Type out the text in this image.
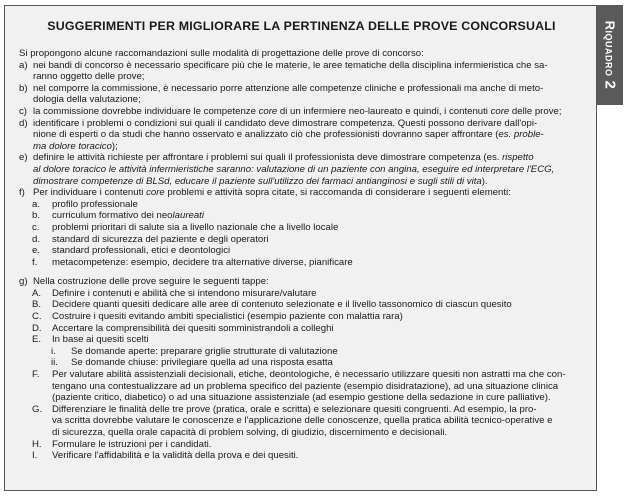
SUGGERIMENTI PER MIGLIORARE LA PERTINENZA DELLE PROVE CONCORSUALI
Si propongono alcune raccomandazioni sulle modalità di progettazione delle prove di concorso:
a) nei bandi di concorso è necessario specificare più che le materie, le aree tematiche della disciplina infermieristica che sa-
ranno oggetto delle prove;
b) nel comporre la commissione, è necessario porre attenzione alle competenze cliniche e professionali ma anche di meto-
dologia della valutazione;
c) la commissione dovrebbe individuare le competenze core di un infermiere neo-laureato e quindi, i contenuti core delle prove;
d) identificare i problemi o condizioni sui quali il candidato deve dimostrare competenza. Questi possono derivare dall'opi-
nione di esperti o da studi che hanno osservato e analizzato ciò che professionisti dovranno saper affrontare (es. proble-
ma dolore toracico);
e) definire le attività richieste per affrontare i problemi sui quali il professionista deve dimostrare competenza (es. rispetto
al dolore toracico le attività infermieristiche saranno: valutazione di un paziente con angina, eseguire ed interpretare l'ECG,
dimostrare competenze di BLSd, educare il paziente sull'utilizzo dei farmaci antianginosi e sugli stili di vita).
f) Per individuare i contenuti core problemi e attività sopra citate, si raccomanda di considerare i seguenti elementi:
a.	profilo professionale
b.	curriculum formativo dei neolaureati
c.	problemi prioritari di salute sia a livello nazionale che a livello locale
d.	standard di sicurezza del paziente e degli operatori
e.	standard professionali, etici e deontologici
f.	metacompetenze: esempio, decidere tra alternative diverse, pianificare
g) Nella costruzione delle prove seguire le seguenti tappe:
A.	Definire i contenuti e abilità che si intendono misurare/valutare
B.	Decidere quanti quesiti dedicare alle aree di contenuto selezionate e il livello tassonomico di ciascun quesito
C.	Costruire i quesiti evitando ambiti specialistici (esempio paziente con malattia rara)
D.	Accertare la comprensibilità dei quesiti somministrandoli a colleghi
E.	In base ai quesiti scelti
i.	Se domande aperte: preparare griglie strutturate di valutazione
ii.	Se domande chiuse: privilegiare quella ad una risposta esatta
F.	Per valutare abilità assistenziali decisionali, etiche, deontologiche, è necessario utilizzare quesiti non astratti ma che con-
tengano una contestualizzare ad un problema specifico del paziente (esempio disidratazione), ad una situazione clinica
(paziente critico, diabetico) o ad una situazione assistenziale (ad esempio gestione della sedazione in cure palliative).
G.	Differenziare le finalità delle tre prove (pratica, orale e scritta) e selezionare quesiti congruenti. Ad esempio, la pro-
va scritta dovrebbe valutare le conoscenze e l'applicazione delle conoscenze, quella pratica abilità tecnico-operative e
di sicurezza, quella orale capacità di problem solving, di giudizio, discernimento e decisionali.
H.	Formulare le istruzioni per i candidati.
I.	Verificare l'affidabilità e la validità della prova e dei quesiti.
Riquadro2
